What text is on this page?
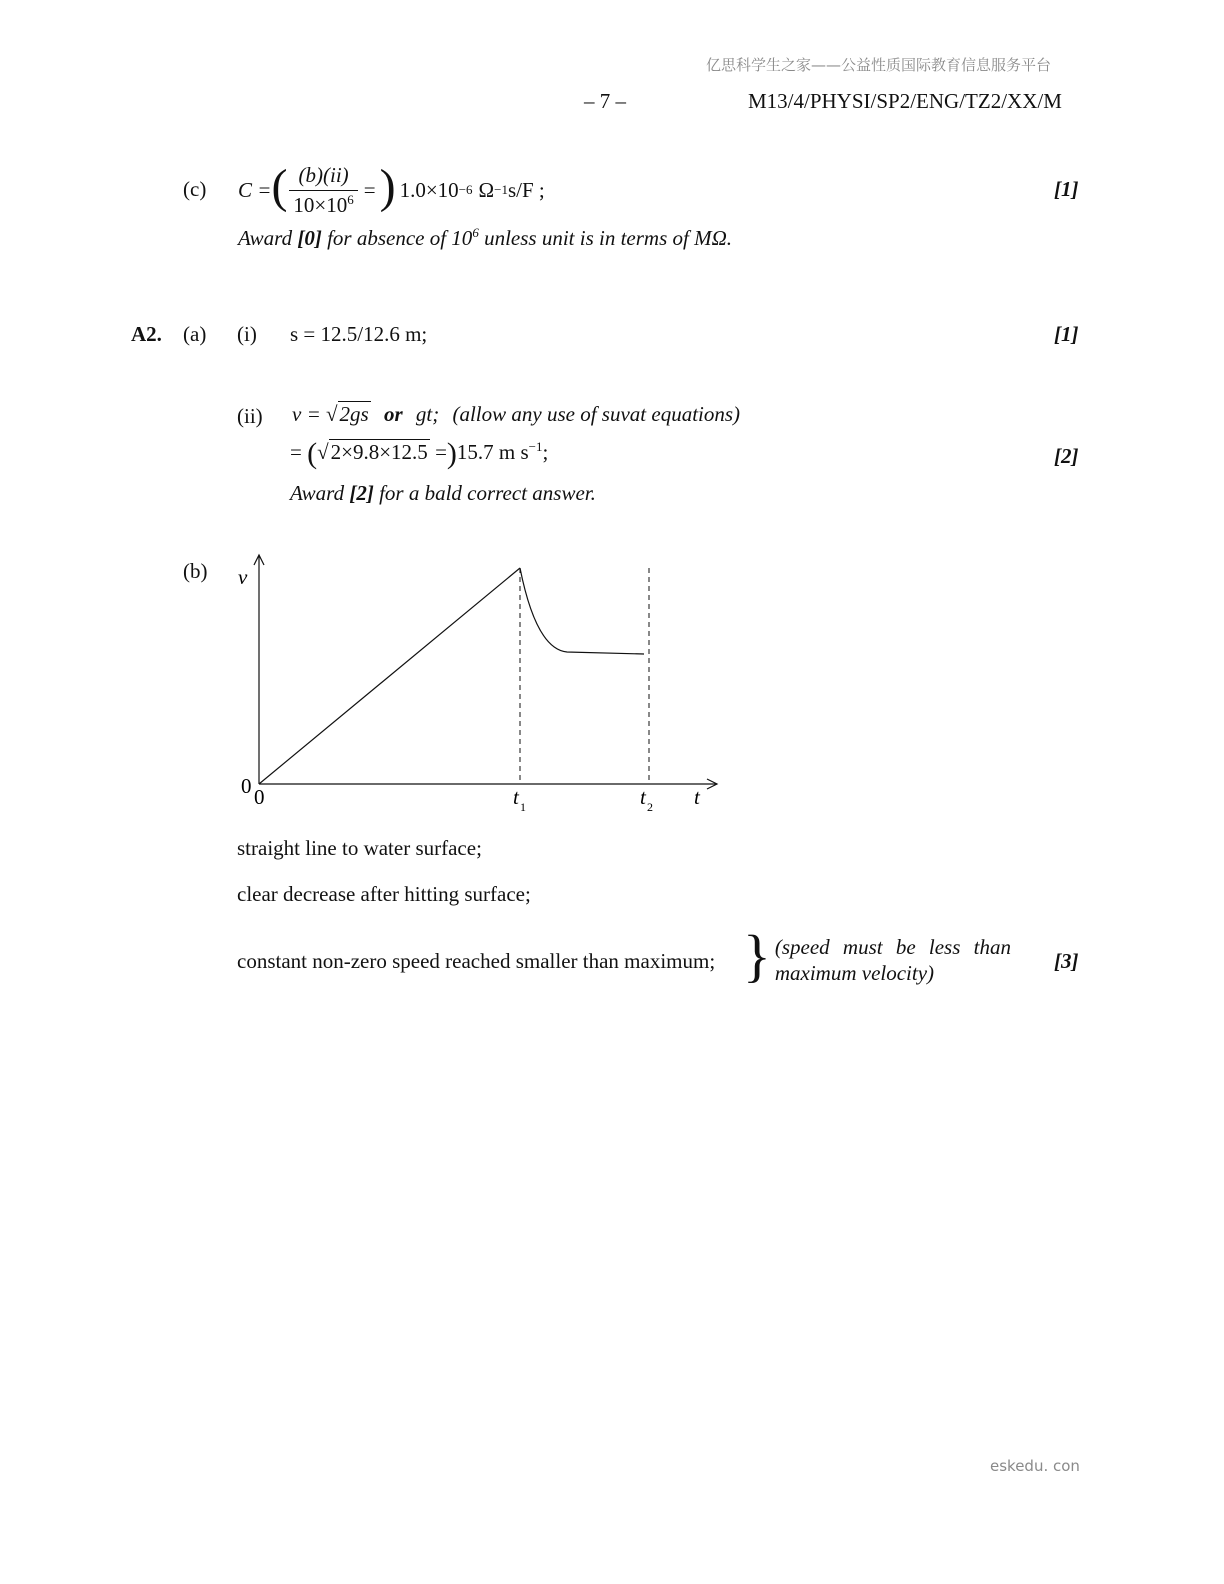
亿思科学生之家——公益性质国际教育信息服务平台
– 7 –	M13/4/PHYSI/SP2/ENG/TZ2/XX/M
(c) C = ( $\frac{(b)(ii)}{10\times 10^6}$ = ) 1.0×10 −6 Ω −1 s/F ;	[1]
Award [0] for absence of $10^6$ unless unit is in terms of MΩ.
A2. (a) (i) s = 12.5/12.6 m;	[1]
(ii) v = √2gs or gt; (allow any use of suvat equations)
= (√2×9.8×12.5 =)15.7 m $s^{-1}$;	[2]
Award [2] for a bald correct answer.
(b) v
0 0	t 1	t 2 t
straight line to water surface;
clear decrease after hitting surface;
constant non-zero speed reached smaller than maximum; } (speed must be less than
maximum velocity)	[3]
eskedu. con
